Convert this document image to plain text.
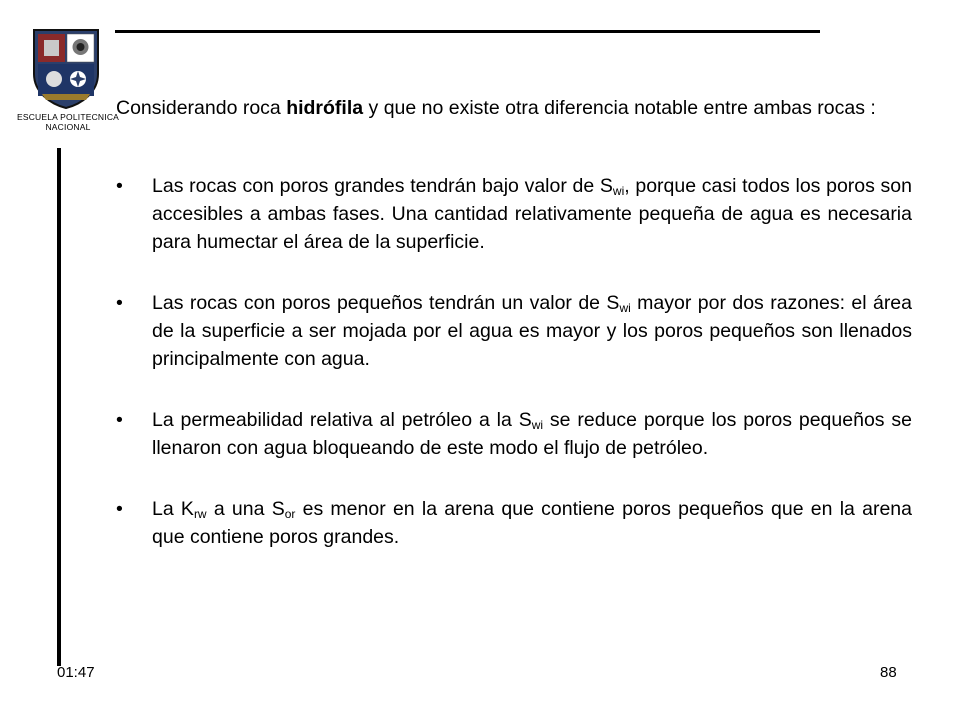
ESCUELA POLITECNICA NACIONAL

Considerando roca hidrófila y que no existe otra diferencia notable entre ambas rocas :

• Las rocas con poros grandes tendrán bajo valor de $S_{wi}$, porque casi todos los poros son accesibles a ambas fases. Una cantidad relativamente pequeña de agua es necesaria para humectar el área de la superficie.
• Las rocas con poros pequeños tendrán un valor de $S_{wi}$ mayor por dos razones: el área de la superficie a ser mojada por el agua es mayor y los poros pequeños son llenados principalmente con agua.
• La permeabilidad relativa al petróleo a la $S_{wi}$ se reduce porque los poros pequeños se llenaron con agua bloqueando de este modo el flujo de petróleo.
• La $K_{rw}$ a una $S_{or}$ es menor en la arena que contiene poros pequeños que en la arena que contiene poros grandes.
01:47	88
